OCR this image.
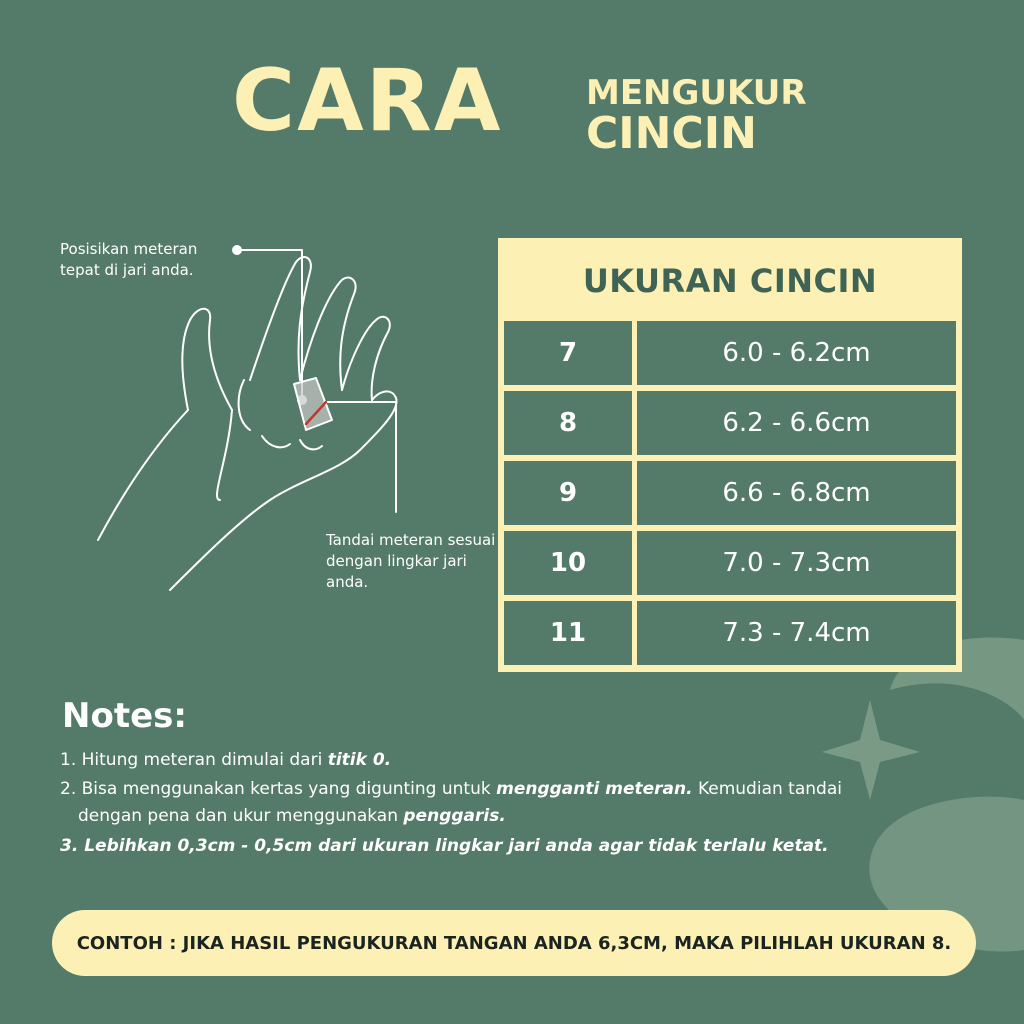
CARA MENGUKUR
CINCIN
Posisikan meteran tepat di jari anda.
Tandai meteran sesuai dengan lingkar jari anda.
UKURAN CINCIN
7	6.0 - 6.2cm
8	6.2 - 6.6cm
9	6.6 - 6.8cm
10	7.0 - 7.3cm
11	7.3 - 7.4cm
Notes:
1. Hitung meteran dimulai dari titik 0.
2. Bisa menggunakan kertas yang digunting untuk mengganti meteran. Kemudian tandai
dengan pena dan ukur menggunakan penggaris.
3. Lebihkan 0,3cm - 0,5cm dari ukuran lingkar jari anda agar tidak terlalu ketat.
CONTOH : JIKA HASIL PENGUKURAN TANGAN ANDA 6,3CM, MAKA PILIHLAH UKURAN 8.
